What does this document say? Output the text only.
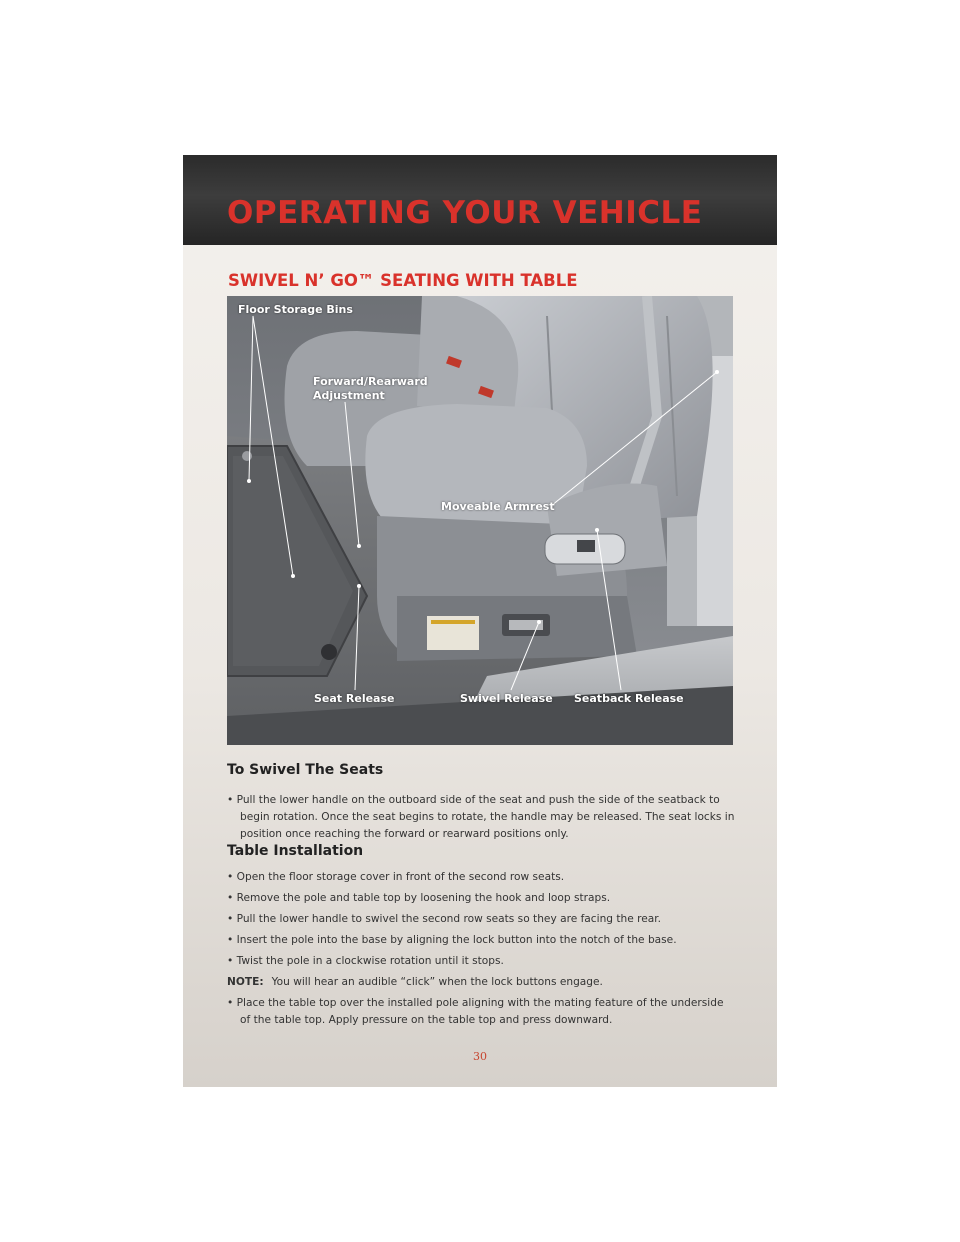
OPERATING YOUR VEHICLE
SWIVEL N’ GO™ SEATING WITH TABLE
Floor Storage Bins
Forward/Rearward
Adjustment
Moveable Armrest
Seat Release	Swivel Release Seatback Release
To Swivel The Seats

• Pull the lower handle on the outboard side of the seat and push the side of the seatback to begin rotation. Once the seat begins to rotate, the handle may be released. The seat locks in position once reaching the forward or rearward positions only.

Table Installation

• Open the floor storage cover in front of the second row seats.

• Remove the pole and table top by loosening the hook and loop straps.

• Pull the lower handle to swivel the second row seats so they are facing the rear.

• Insert the pole into the base by aligning the lock button into the notch of the base.

• Twist the pole in a clockwise rotation until it stops.

NOTE: You will hear an audible “click” when the lock buttons engage.

• Place the table top over the installed pole aligning with the mating feature of the underside of the table top. Apply pressure on the table top and press downward.

30
